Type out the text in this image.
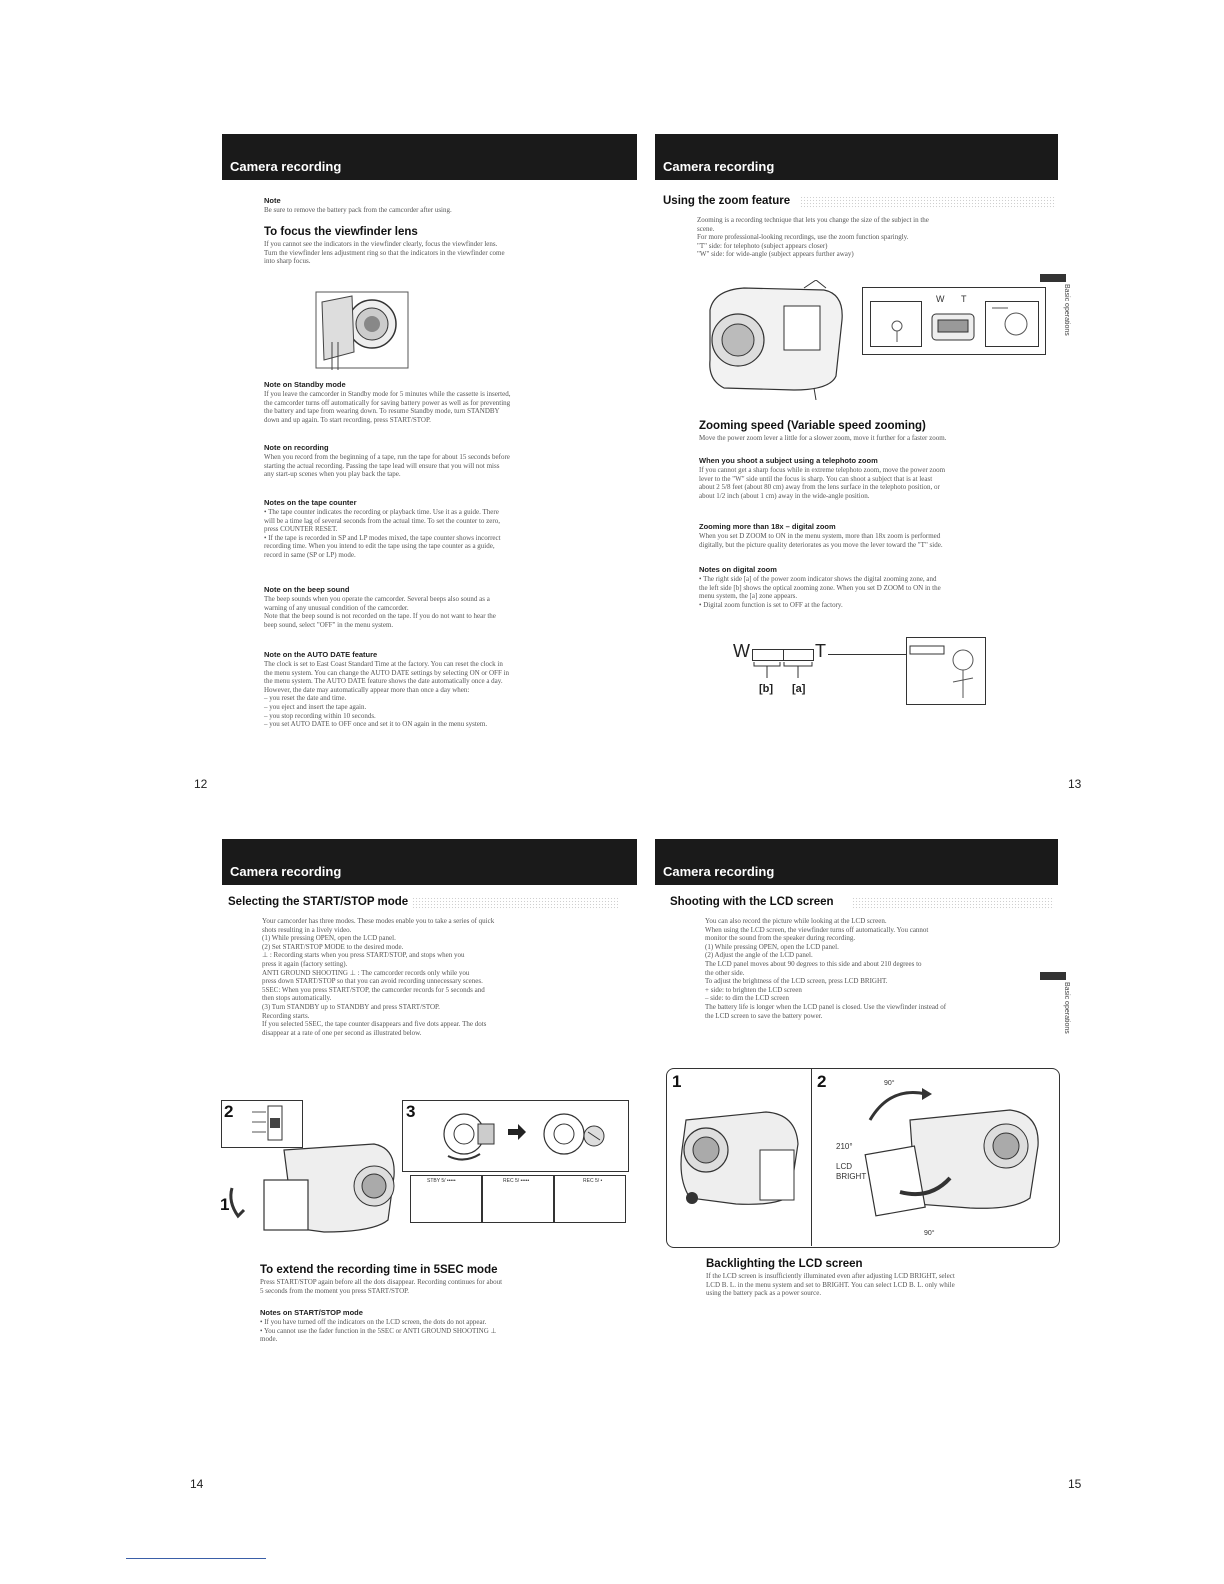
Camera recording
Note
Be sure to remove the battery pack from the camcorder after using.
To focus the viewfinder lens
If you cannot see the indicators in the viewfinder clearly, focus the viewfinder lens.
Turn the viewfinder lens adjustment ring so that the indicators in the viewfinder come
into sharp focus.
Note on Standby mode
If you leave the camcorder in Standby mode for 5 minutes while the cassette is inserted,
the camcorder turns off automatically for saving battery power as well as for preventing
the battery and tape from wearing down. To resume Standby mode, turn STANDBY
down and up again. To start recording, press START/STOP.
Note on recording
When you record from the beginning of a tape, run the tape for about 15 seconds before
starting the actual recording. Passing the tape lead will ensure that you will not miss
any start-up scenes when you play back the tape.
Notes on the tape counter
• The tape counter indicates the recording or playback time. Use it as a guide. There
will be a time lag of several seconds from the actual time. To set the counter to zero,
press COUNTER RESET.
• If the tape is recorded in SP and LP modes mixed, the tape counter shows incorrect
recording time. When you intend to edit the tape using the tape counter as a guide,
record in same (SP or LP) mode.
Note on the beep sound
The beep sounds when you operate the camcorder. Several beeps also sound as a
warning of any unusual condition of the camcorder.
Note that the beep sound is not recorded on the tape. If you do not want to hear the
beep sound, select "OFF" in the menu system.
Note on the AUTO DATE feature
The clock is set to East Coast Standard Time at the factory. You can reset the clock in
the menu system. You can change the AUTO DATE settings by selecting ON or OFF in
the menu system. The AUTO DATE feature shows the date automatically once a day.
However, the date may automatically appear more than once a day when:
– you reset the date and time.
– you eject and insert the tape again.
– you stop recording within 10 seconds.
– you set AUTO DATE to OFF once and set it to ON again in the menu system.
12
Camera recording
Using the zoom feature
Zooming is a recording technique that lets you change the size of the subject in the
scene.
For more professional-looking recordings, use the zoom function sparingly.
"T" side: for telephoto (subject appears closer)
"W" side: for wide-angle (subject appears further away)
Basic operations
W T
Zooming speed (Variable speed zooming)
Move the power zoom lever a little for a slower zoom, move it further for a faster zoom.
When you shoot a subject using a telephoto zoom
If you cannot get a sharp focus while in extreme telephoto zoom, move the power zoom
lever to the "W" side until the focus is sharp. You can shoot a subject that is at least
about 2 5/8 feet (about 80 cm) away from the lens surface in the telephoto position, or
about 1/2 inch (about 1 cm) away in the wide-angle position.
Zooming more than 18x – digital zoom
When you set D ZOOM to ON in the menu system, more than 18x zoom is performed
digitally, but the picture quality deteriorates as you move the lever toward the "T" side.
Notes on digital zoom
• The right side [a] of the power zoom indicator shows the digital zooming zone, and
the left side [b] shows the optical zooming zone. When you set D ZOOM to ON in the
menu system, the [a] zone appears.
• Digital zoom function is set to OFF at the factory.
W	T
[b] [a]
13
Camera recording
Selecting the START/STOP mode
Your camcorder has three modes. These modes enable you to take a series of quick
shots resulting in a lively video.
(1) While pressing OPEN, open the LCD panel.
(2) Set START/STOP MODE to the desired mode.
⊥ : Recording starts when you press START/STOP, and stops when you
press it again (factory setting).
ANTI GROUND SHOOTING ⊥ : The camcorder records only while you
press down START/STOP so that you can avoid recording unnecessary scenes.
5SEC: When you press START/STOP, the camcorder records for 5 seconds and
then stops automatically.
(3) Turn STANDBY up to STANDBY and press START/STOP.
Recording starts.
If you selected 5SEC, the tape counter disappears and five dots appear. The dots
disappear at a rate of one per second as illustrated below.
2
1
3
STBY 5/ •••••	REC 5/ •••••	REC 5/ •
To extend the recording time in 5SEC mode
Press START/STOP again before all the dots disappear. Recording continues for about
5 seconds from the moment you press START/STOP.
Notes on START/STOP mode
• If you have turned off the indicators on the LCD screen, the dots do not appear.
• You cannot use the fader function in the 5SEC or ANTI GROUND SHOOTING ⊥
mode.
14
Camera recording
Shooting with the LCD screen
You can also record the picture while looking at the LCD screen.
When using the LCD screen, the viewfinder turns off automatically. You cannot
monitor the sound from the speaker during recording.
(1) While pressing OPEN, open the LCD panel.
(2) Adjust the angle of the LCD panel.
The LCD panel moves about 90 degrees to this side and about 210 degrees to
the other side.
To adjust the brightness of the LCD screen, press LCD BRIGHT.
+ side: to brighten the LCD screen
– side: to dim the LCD screen
The battery life is longer when the LCD panel is closed. Use the viewfinder instead of
the LCD screen to save the battery power.	Basic operations
1	2	90°
210°
LCD
BRIGHT
90°
Backlighting the LCD screen
If the LCD screen is insufficiently illuminated even after adjusting LCD BRIGHT, select
LCD B. L. in the menu system and set to BRIGHT. You can select LCD B. L. only while
using the battery pack as a power source.
15
